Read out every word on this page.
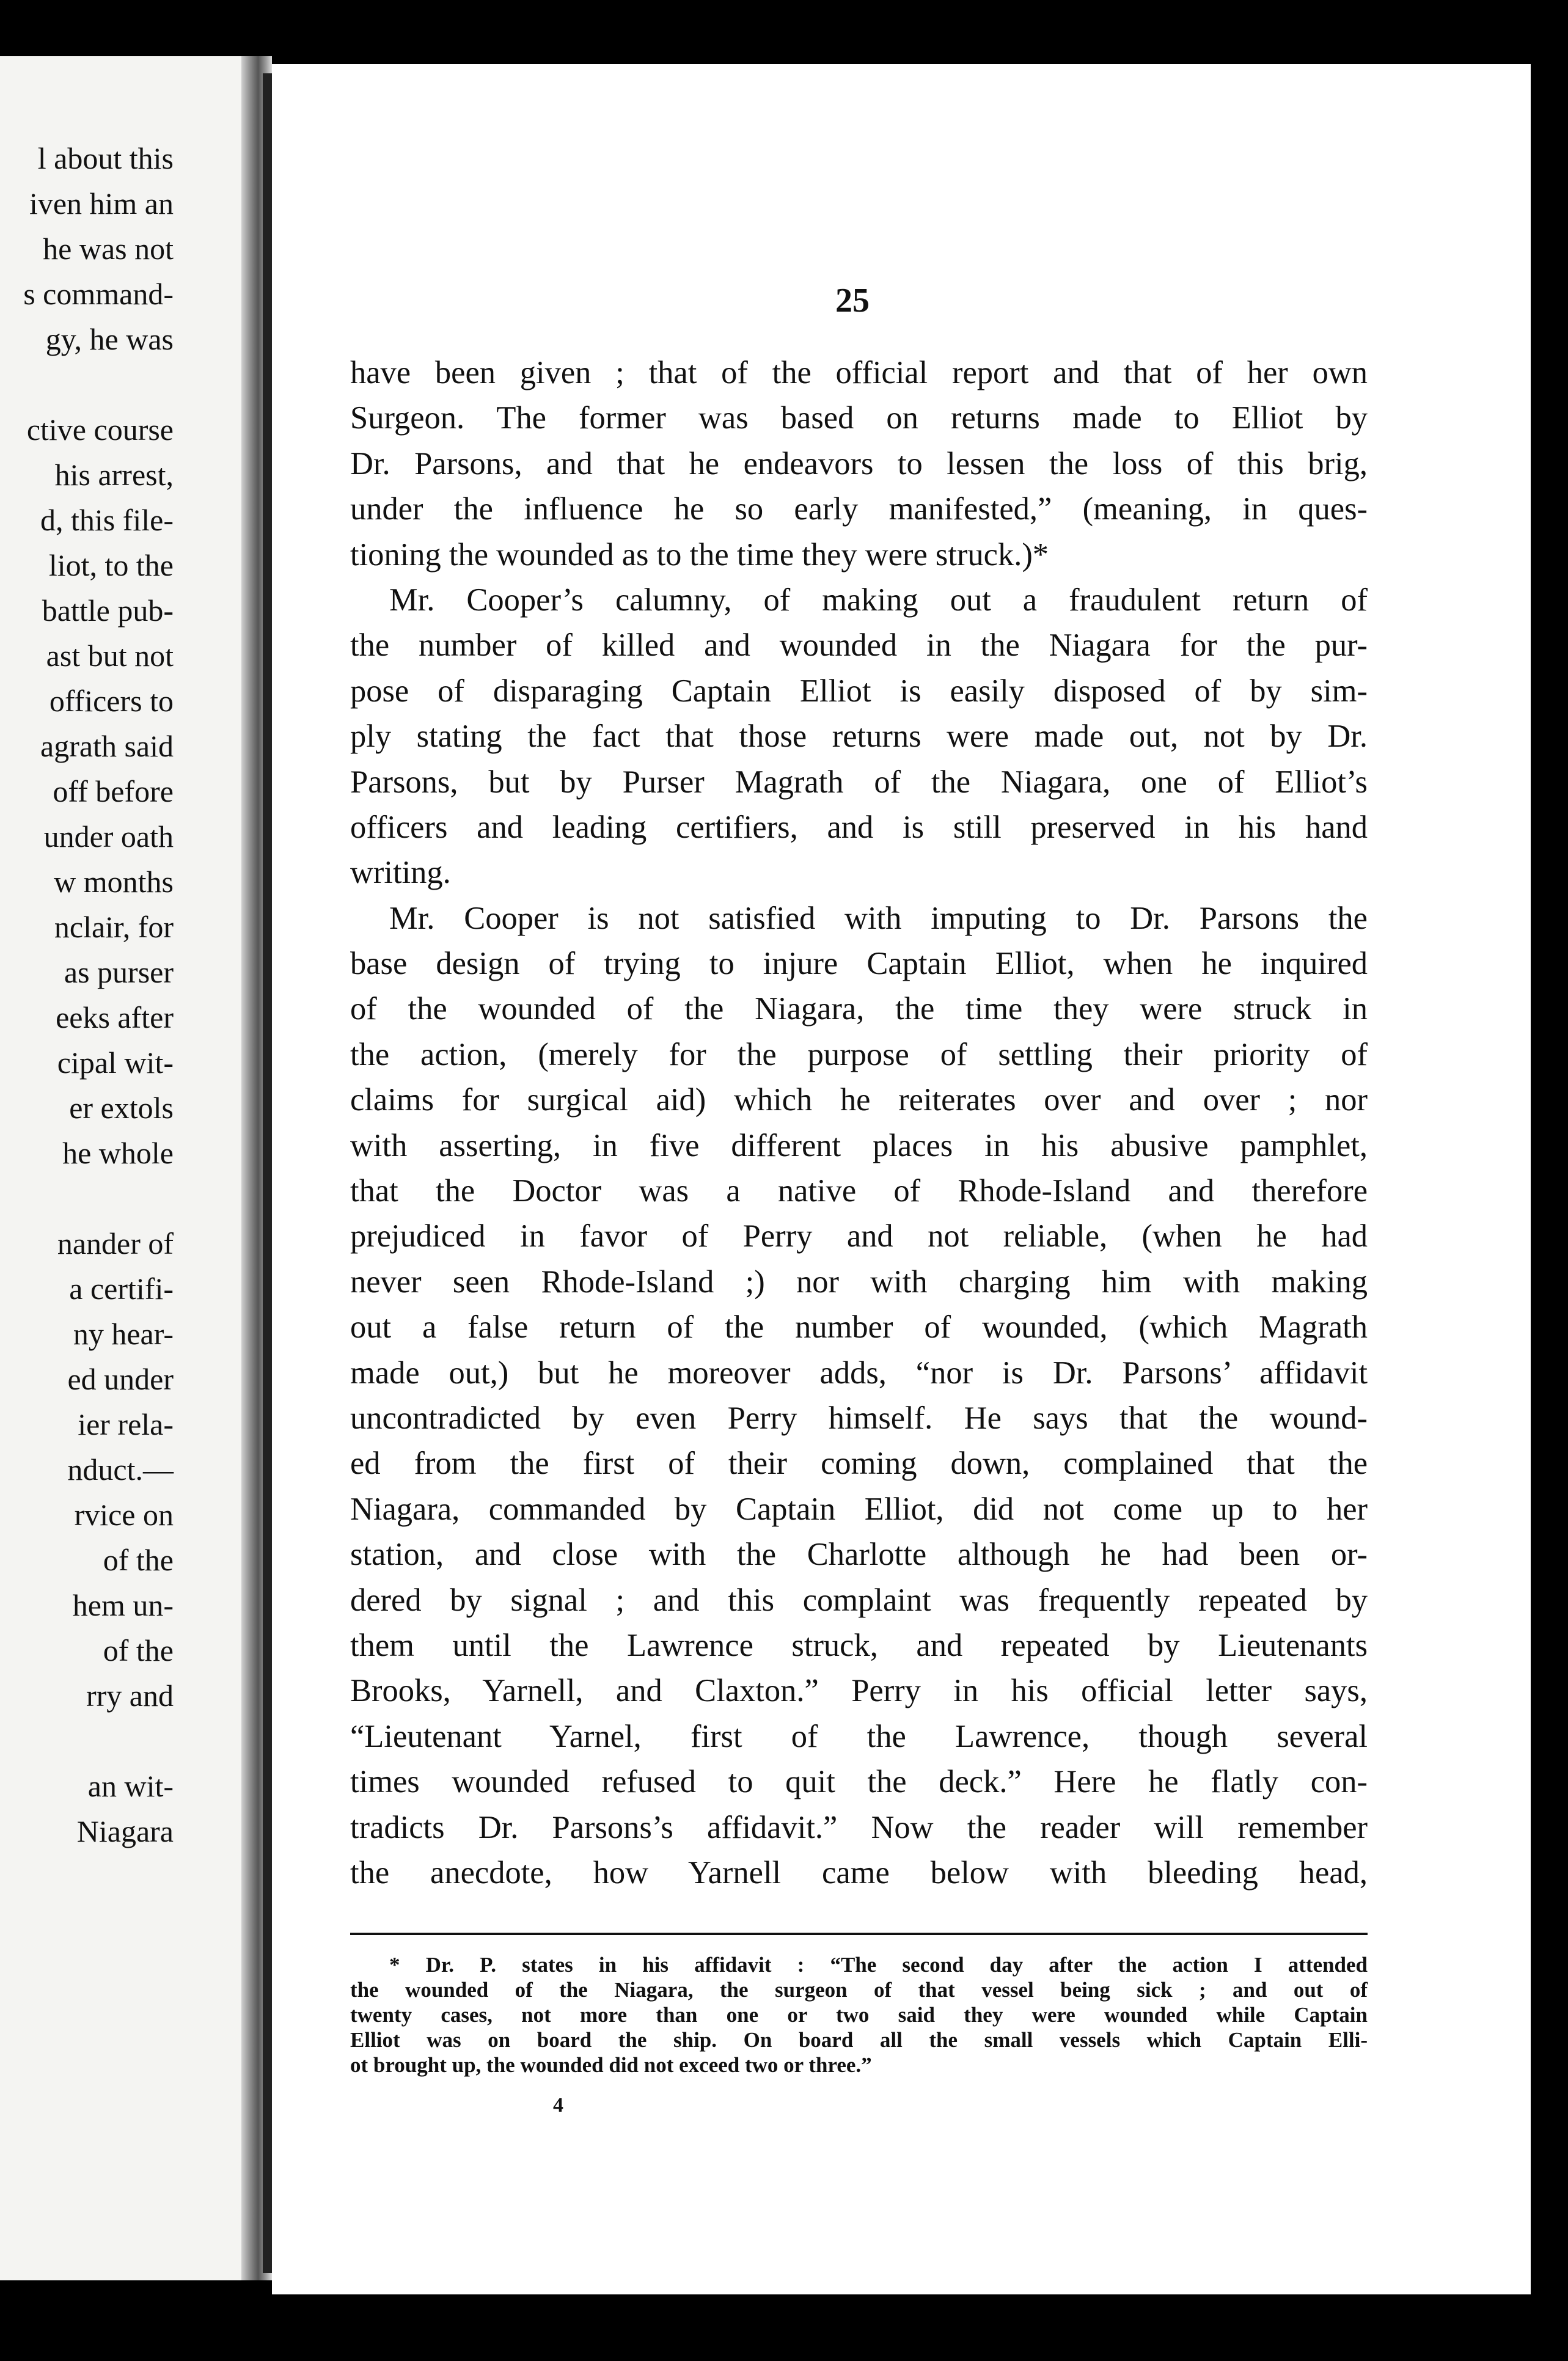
l about this
iven him an
he was not
s command-
gy, he was
ctive course
his arrest,
d, this file-
liot, to the
battle pub-
ast but not
officers to
agrath said
off before
under oath
w months
nclair, for
as purser
eeks after
cipal wit-
er extols
he whole
nander of
a certifi-
ny hear-
ed under
ier rela-
nduct.—
rvice on
of the
hem un-
of the
rry and
an wit-
Niagara
25
have been given ; that of the official report and that of her own
Surgeon. The former was based on returns made to Elliot by
Dr. Parsons, and that he endeavors to lessen the loss of this brig,
under the influence he so early manifested,” (meaning, in ques-
tioning the wounded as to the time they were struck.)*
Mr. Cooper’s calumny, of making out a fraudulent return of
the number of killed and wounded in the Niagara for the pur-
pose of disparaging Captain Elliot is easily disposed of by sim-
ply stating the fact that those returns were made out, not by Dr.
Parsons, but by Purser Magrath of the Niagara, one of Elliot’s
officers and leading certifiers, and is still preserved in his hand
writing.
Mr. Cooper is not satisfied with imputing to Dr. Parsons the
base design of trying to injure Captain Elliot, when he inquired
of the wounded of the Niagara, the time they were struck in
the action, (merely for the purpose of settling their priority of
claims for surgical aid) which he reiterates over and over ; nor
with asserting, in five different places in his abusive pamphlet,
that the Doctor was a native of Rhode-Island and therefore
prejudiced in favor of Perry and not reliable, (when he had
never seen Rhode-Island ;) nor with charging him with making
out a false return of the number of wounded, (which Magrath
made out,) but he moreover adds, “nor is Dr. Parsons’ affidavit
uncontradicted by even Perry himself. He says that the wound-
ed from the first of their coming down, complained that the
Niagara, commanded by Captain Elliot, did not come up to her
station, and close with the Charlotte although he had been or-
dered by signal ; and this complaint was frequently repeated by
them until the Lawrence struck, and repeated by Lieutenants
Brooks, Yarnell, and Claxton.” Perry in his official letter says,
“Lieutenant Yarnel, first of the Lawrence, though several
times wounded refused to quit the deck.” Here he flatly con-
tradicts Dr. Parsons’s affidavit.” Now the reader will remember
the anecdote, how Yarnell came below with bleeding head,
* Dr. P. states in his affidavit : “The second day after the action I attended
the wounded of the Niagara, the surgeon of that vessel being sick ; and out of
twenty cases, not more than one or two said they were wounded while Captain
Elliot was on board the ship. On board all the small vessels which Captain Elli-
ot brought up, the wounded did not exceed two or three.”
4
